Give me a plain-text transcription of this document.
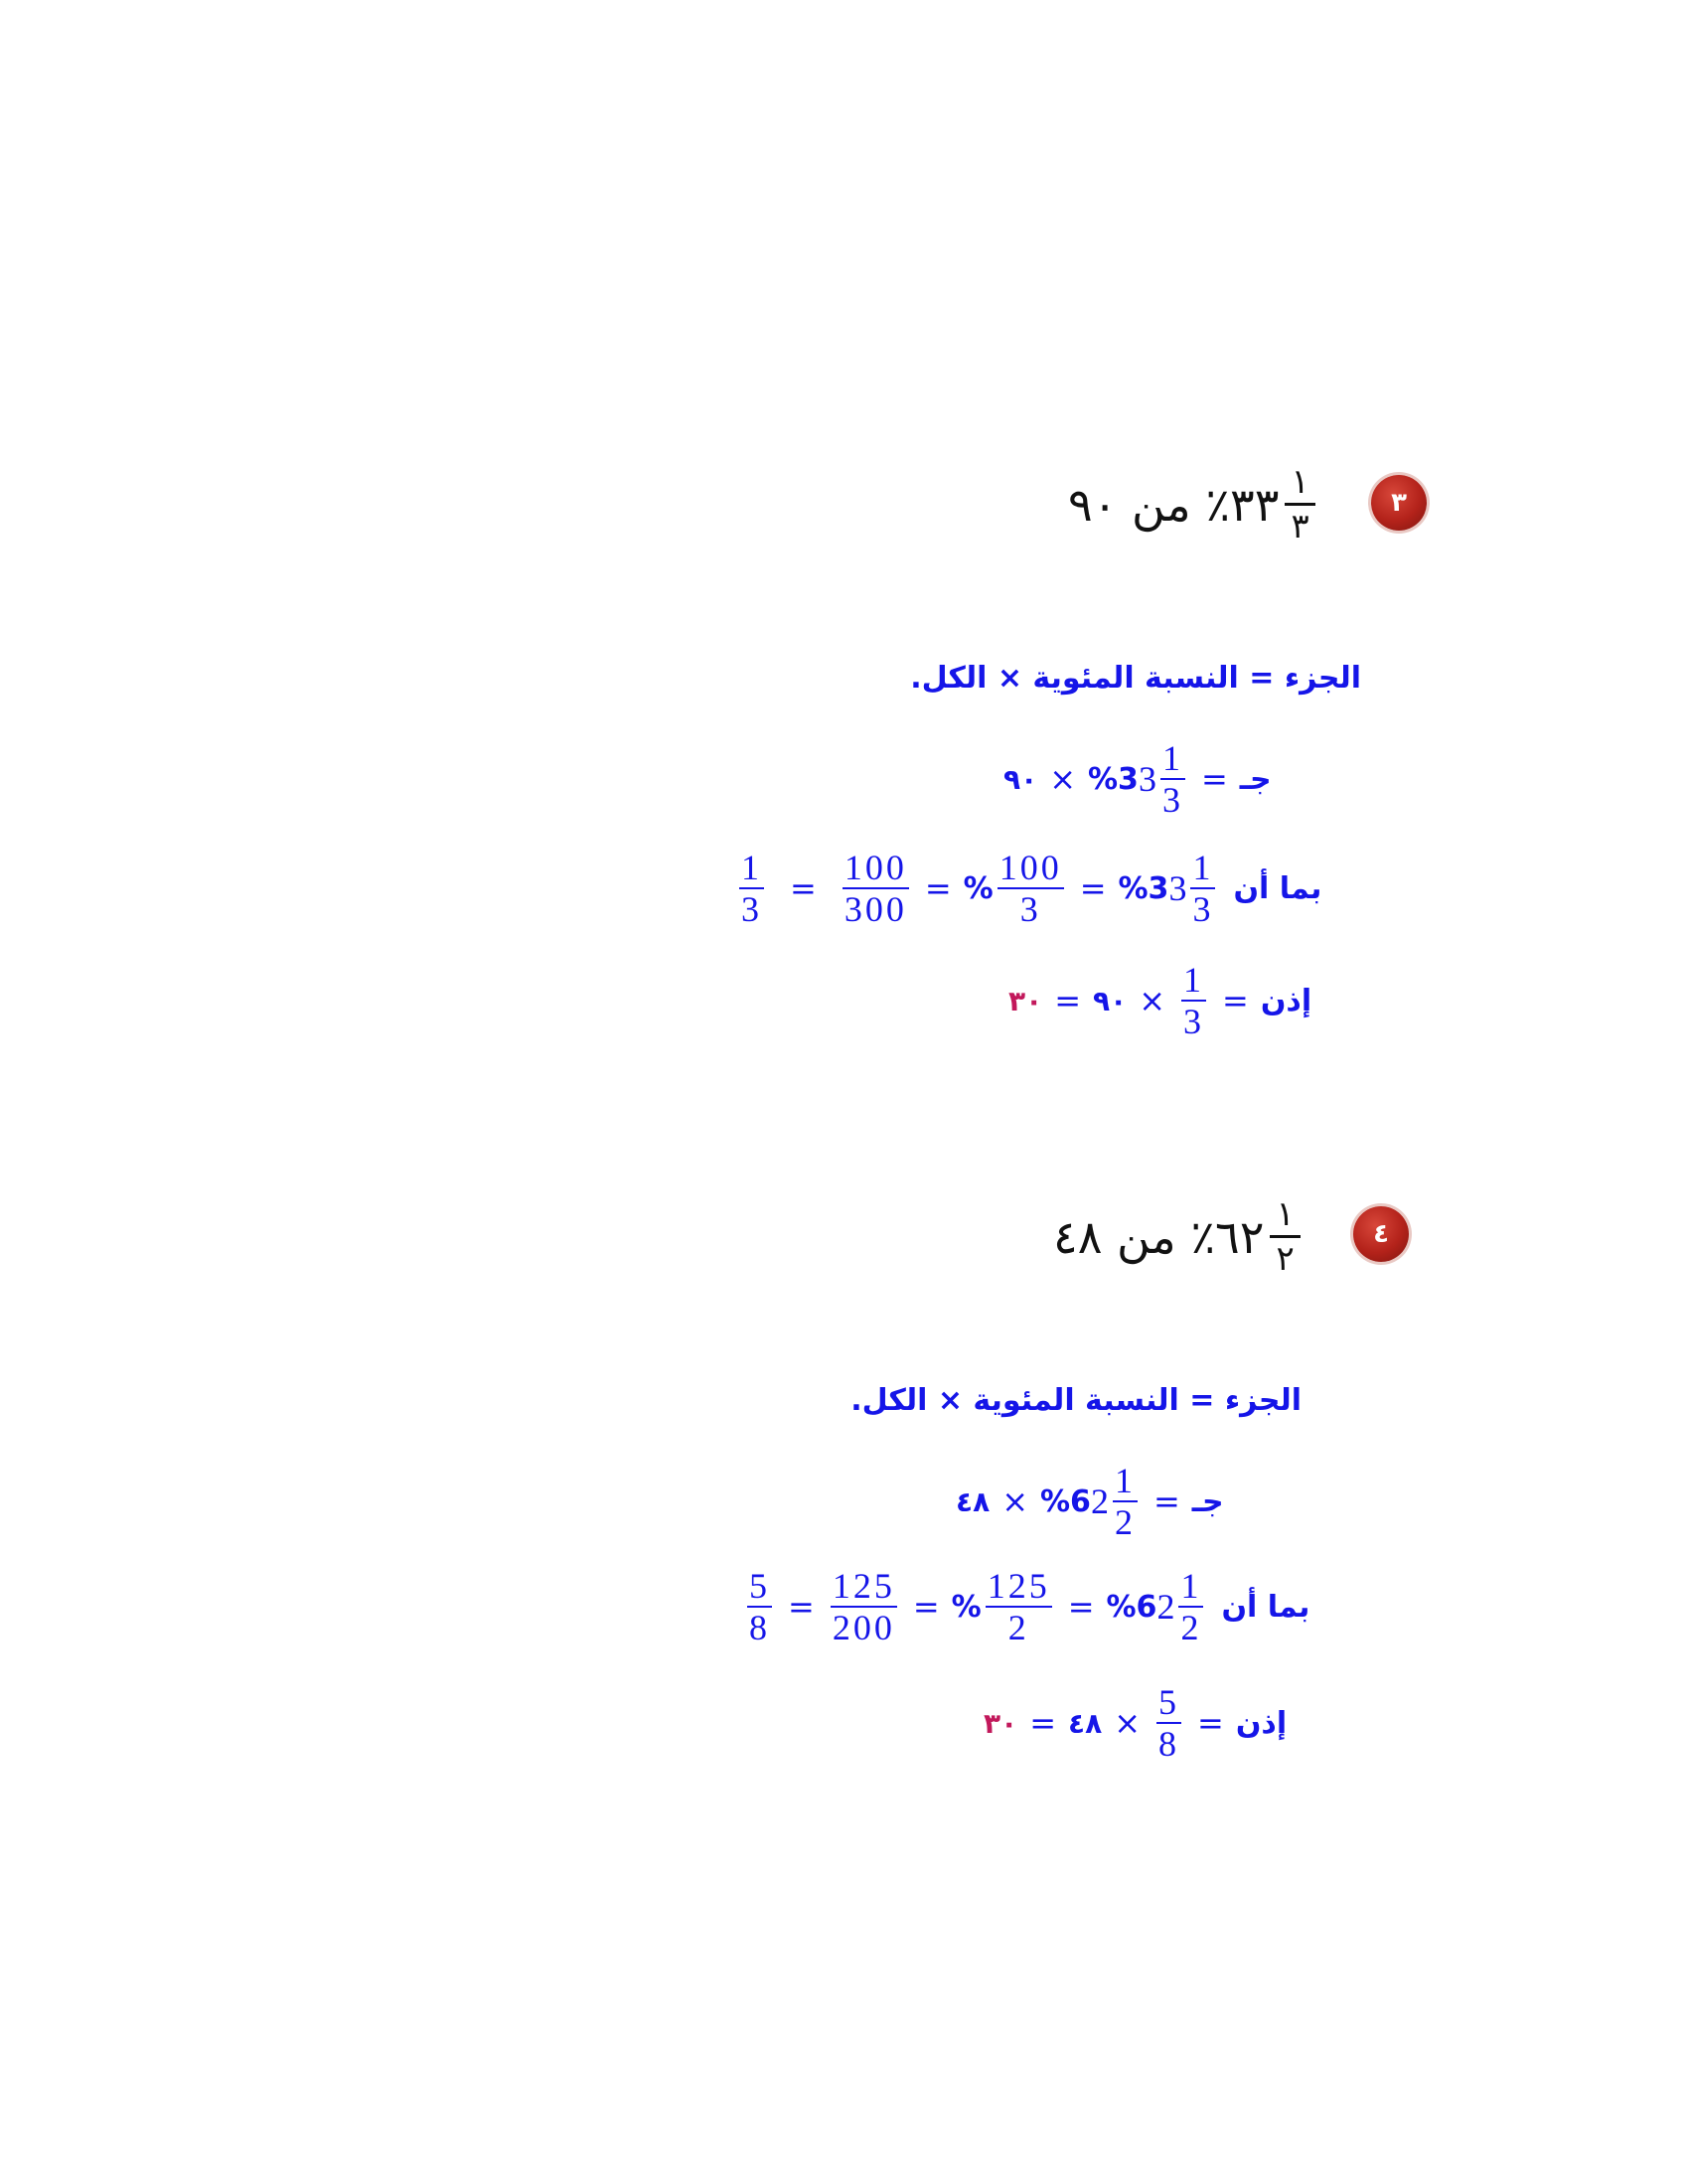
٣
٣٣٪ من ٩٠ $\frac{١}{٣}$
الجزء = النسبة المئوية × الكل.
٩٠ × %3 $3 \frac{1}{3}$ = جـ
$\frac{1}{3} = \frac{100}{300}$ = % $\frac{100}{3} = \%3$ $3 \frac{1}{3}$ بما أن
٣٠ = ٩٠ × $\frac{1}{3}$ = إذن
٤
٦٢٪ من ٤٨ $\frac{١}{٢}$
الجزء = النسبة المئوية × الكل.
٤٨ × %6 $2 \frac{1}{2}$ = جـ
$\frac{5}{8} = \frac{125}{200}$ = % $\frac{125}{2} = \%6$ $2 \frac{1}{2}$ بما أن
٣٠ = ٤٨ × $\frac{5}{8}$ = إذن
